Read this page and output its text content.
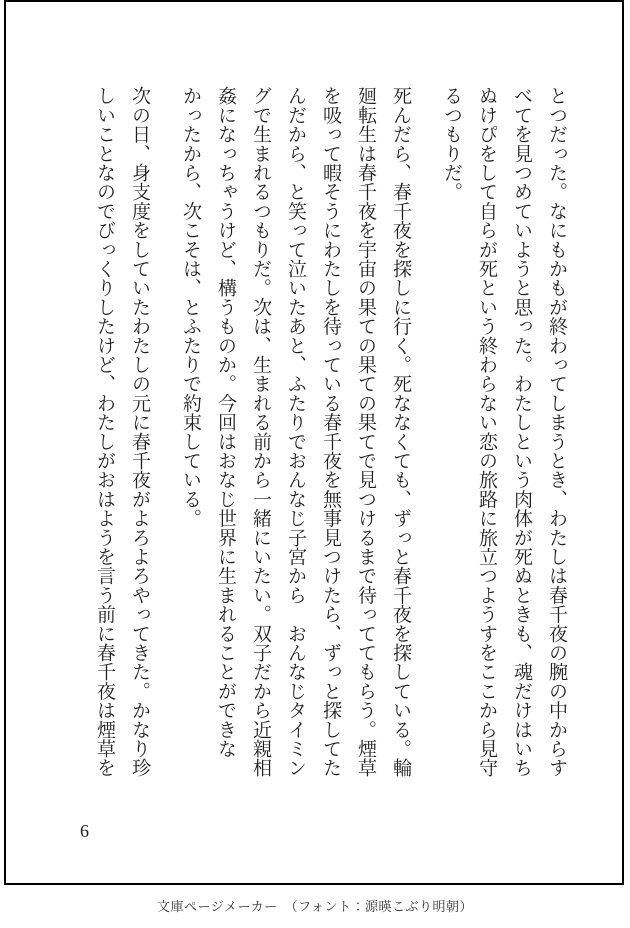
とつだった。なにもかもが終わってしまうとき、わたしは春千夜の腕の中からすべてを見つめていようと思った。わたしという肉体が死ぬときも、魂だけはいちぬけぴをして自らが死という終わらない恋の旅路に旅立つようすをここから見守るつもりだ。

死んだら、春千夜を探しに行く。死ななくても、ずっと春千夜を探している。輪廻転生は春千夜を宇宙の果ての果ての果てで見つけるまで待っててもらう。煙草を吸って暇そうにわたしを待っている春千夜を無事見つけたら、ずっと探してたんだから、と笑って泣いたあと、ふたりでおんなじ子宮から　おんなじタイミングで生まれるつもりだ。次は、生まれる前から一緒にいたい。双子だから近親相姦になっちゃうけど、構うものか。今回はおなじ世界に生まれることができなかったから、次こそは、とふたりで約束している。

次の日、身支度をしていたわたしの元に春千夜がよろよろやってきた。かなり珍しいことなのでびっくりしたけど、わたしがおはようを言う前に春千夜は煙草を

6
文庫ページメーカー　（フォント：源暎こぶり明朝）
